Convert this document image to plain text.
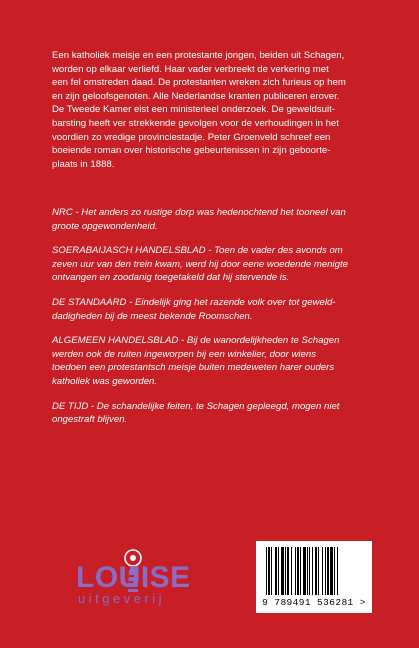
Een katholiek meisje en een protestante jongen, beiden uit Schagen,

worden op elkaar verliefd. Haar vader verbreekt de verkering met

een fel omstreden daad. De protestanten wreken zich furieus op hem

en zijn geloofsgenoten. Alle Nederlandse kranten publiceren erover.

De Tweede Kamer eist een ministerieel onderzoek. De geweldsuit-

barsting heeft ver strekkende gevolgen voor de verhoudingen in het

voordien zo vredige provinciestadje. Peter Groenveld schreef een

boeiende roman over historische gebeurtenissen in zijn geboorte-

plaats in 1888.

NRC - Het anders zo rustige dorp was hedenochtend het tooneel van
groote opgewondenheid.
SOERABAIJASCH HANDELSBLAD - Toen de vader des avonds om
zeven uur van den trein kwam, werd hij door eene woedende menigte
ontvangen en zoodanig toegetakeld dat hij stervende is.
DE STANDAARD - Eindelijk ging het razende volk over tot geweld-
dadigheden bij de meest bekende Roomschen.
ALGEMEEN HANDELSBLAD - Bij de wanordelijkheden te Schagen
werden ook de ruiten ingeworpen bij een winkelier, door wiens
toedoen een protestantsch meisje buiten medeweten harer ouders
katholiek was geworden.
DE TIJD - De schandelijke feiten, te Schagen gepleegd, mogen niet
ongestraft blijven.
LOUISE
uitgeverij	9 789491 536281 >
